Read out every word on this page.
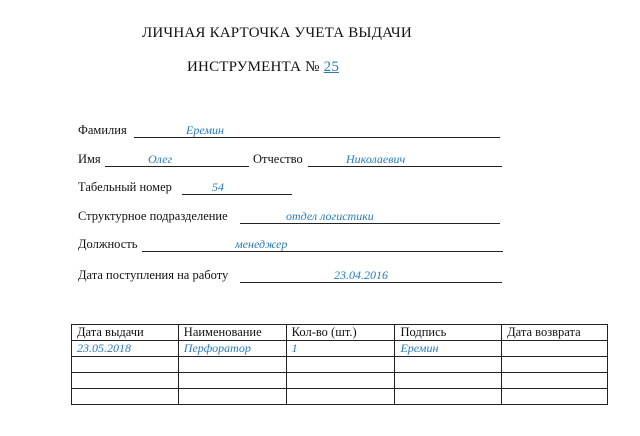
ЛИЧНАЯ КАРТОЧКА УЧЕТА ВЫДАЧИ
ИНСТРУМЕНТА № 25
Фамилия	Еремин
Имя	Олег	Отчество	Николаевич
Табельный номер	54
Структурное подразделение	отдел логистики
Должность	менеджер
Дата поступления на работу	23.04.2016
Дата выдачи	Наименование	Кол-во (шт.)	Подпись	Дата возврата
23.05.2018	Перфоратор	1	Еремин	
